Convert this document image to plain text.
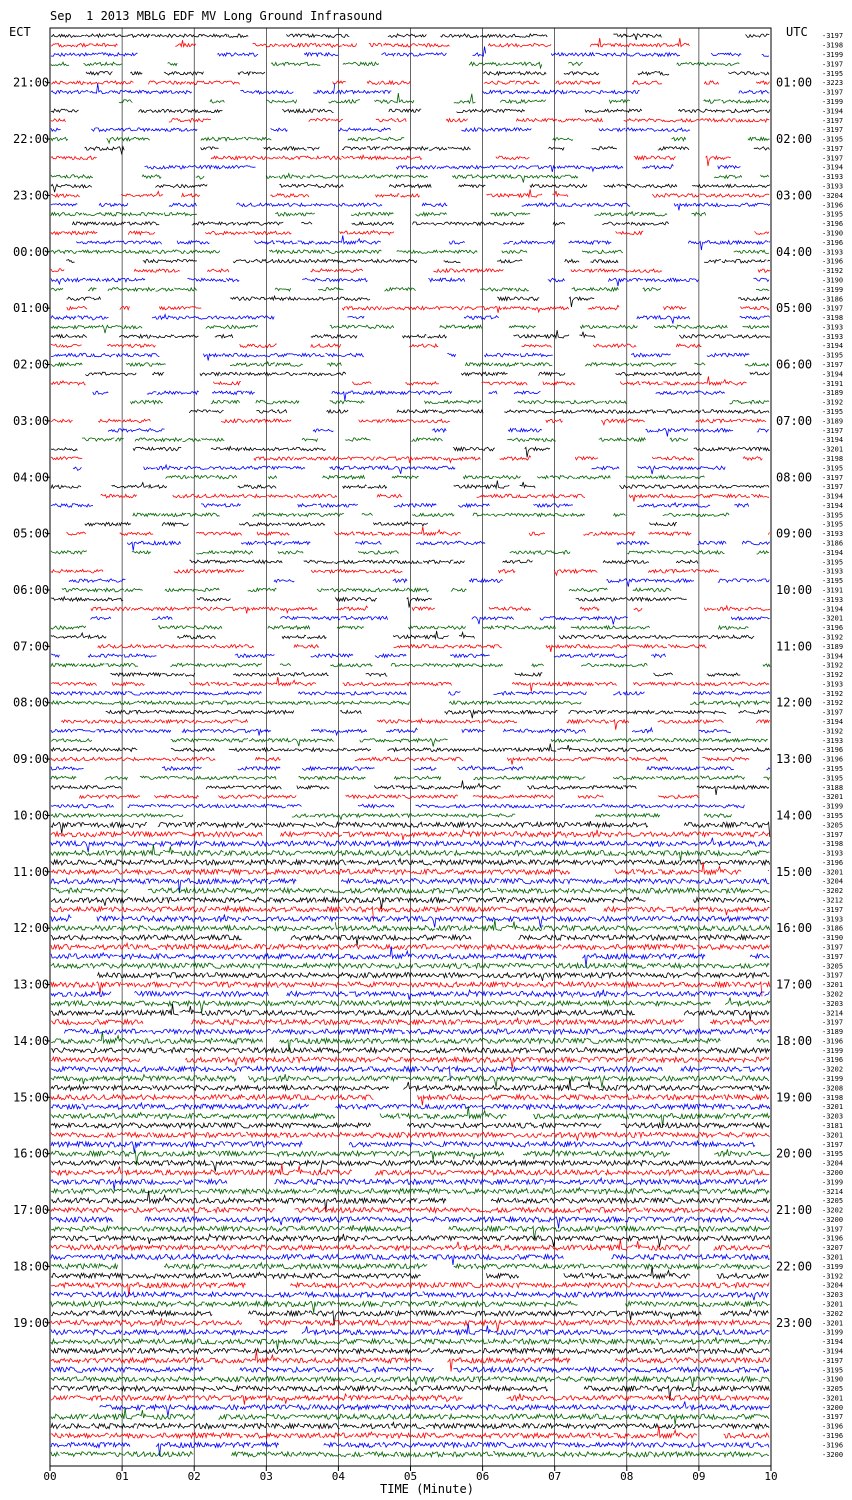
Sep  1 2013 MBLG EDF MV Long Ground Infrasound
ECT	UTC
TIME (Minute)
00	01	02	03	04	05	06	07	08	09	10
21:00
22:00
23:00
00:00
01:00
02:00
03:00
04:00
05:00
06:00
07:00
08:00
09:00
10:00
11:00
12:00
13:00
14:00
15:00
16:00
17:00
18:00
19:00
01:00
02:00
03:00
04:00
05:00
06:00
07:00
08:00
09:00
10:00
11:00
12:00
13:00
14:00
15:00
16:00
17:00
18:00
19:00
20:00
21:00
22:00
23:00
-3197
-3198
-3199
-3197
-3195
-3223
-3197
-3199
-3194
-3197
-3197
-3195
-3197
-3197
-3194
-3193
-3193
-3204
-3196
-3195
-3196
-3190
-3196
-3193
-3196
-3192
-3190
-3199
-3186
-3197
-3198
-3193
-3193
-3194
-3195
-3197
-3194
-3191
-3189
-3192
-3195
-3189
-3197
-3194
-3201
-3198
-3195
-3197
-3197
-3194
-3194
-3195
-3195
-3193
-3186
-3194
-3195
-3193
-3195
-3191
-3193
-3194
-3201
-3196
-3192
-3189
-3194
-3192
-3192
-3193
-3192
-3192
-3197
-3194
-3192
-3193
-3196
-3196
-3195
-3195
-3188
-3201
-3199
-3195
-3205
-3197
-3198
-3193
-3196
-3201
-3204
-3202
-3212
-3197
-3193
-3186
-3190
-3197
-3197
-3205
-3197
-3201
-3202
-3203
-3214
-3197
-3189
-3196
-3199
-3196
-3202
-3199
-3208
-3198
-3201
-3203
-3181
-3201
-3197
-3195
-3204
-3200
-3199
-3214
-3205
-3202
-3200
-3197
-3196
-3207
-3201
-3199
-3192
-3204
-3203
-3201
-3202
-3201
-3199
-3194
-3194
-3197
-3195
-3190
-3205
-3201
-3200
-3197
-3196
-3196
-3196
-3200
